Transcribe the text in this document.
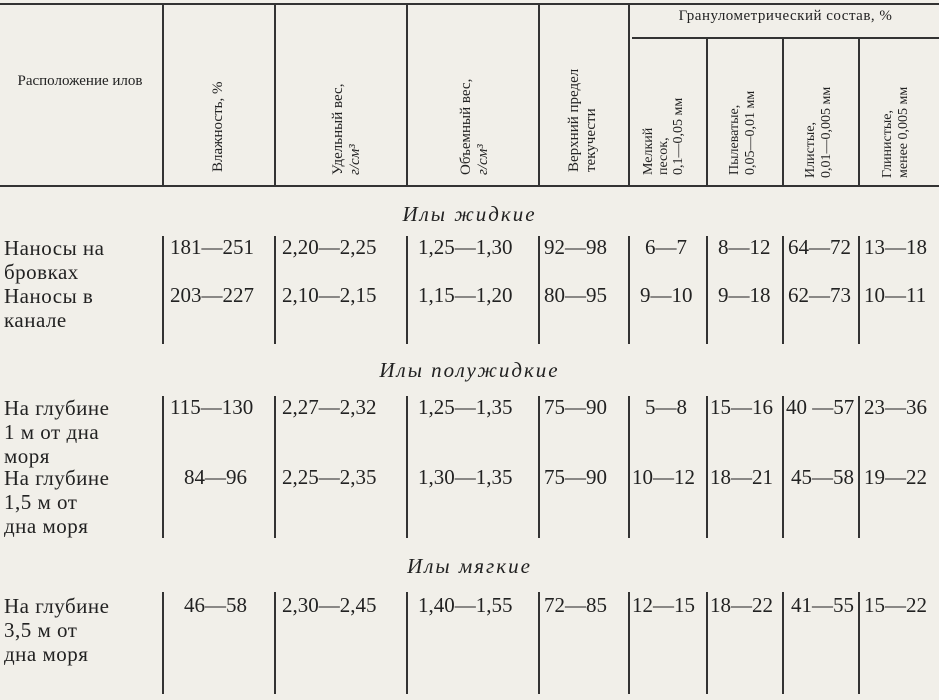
Расположение илов
Влажность, %	Удельный вес, г/см³	Объемный вес, г/см³	Верхний предел текучести
Гранулометрический состав, %
Мелкий песок, 0,1—0,05 мм	Пылеватые, 0,05—0,01 мм	Илистые, 0,01—0,005 мм	Глинистые, менее 0,005 мм
Илы жидкие
Наносы на
бровках
181—251 2,20—2,25 1,25—1,30 92—98 6—7 8—12 64—72 13—18
Наносы в
канале
203—227 2,10—2,15 1,15—1,20 80—95 9—10 9—18 62—73 10—11
Илы полужидкие
На глубине
1 м от дна
моря
115—130 2,27—2,32 1,25—1,35 75—90 5—8 15—16 40 —57 23—36
На глубине
1,5 м от
дна моря
84—96 2,25—2,35 1,30—1,35 75—90 10—12 18—21 45—58 19—22
Илы мягкие
На глубине
3,5 м от
дна моря
46—58 2,30—2,45 1,40—1,55 72—85 12—15 18—22 41—55 15—22
